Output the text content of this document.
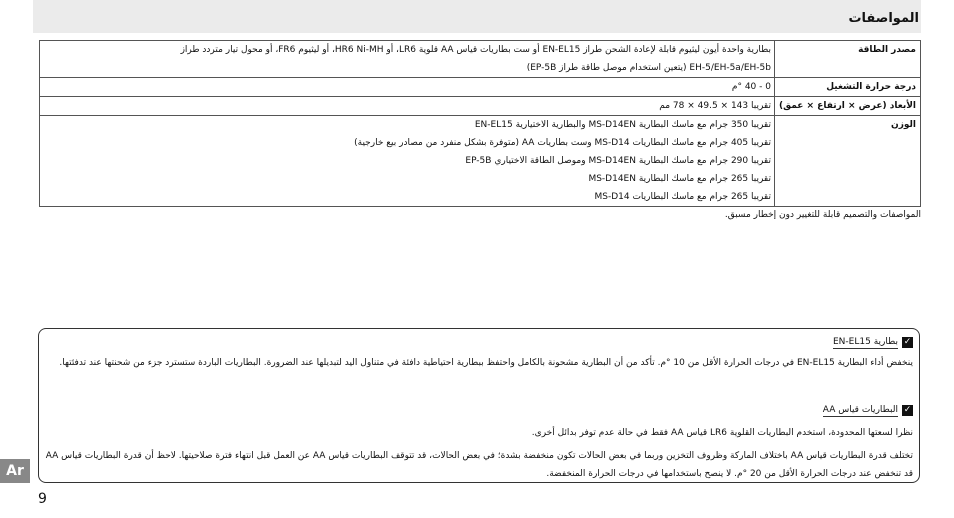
المواصفات
مصدر الطاقة	بطارية واحدة أيون ليثيوم قابلة لإعادة الشحن طراز EN-EL15 أو ست بطاريات قياس AA قلوية LR6، أو HR6 Ni-MH، أو ليثيوم FR6، أو محول تيار متردد طراز
EH-5/EH-5a/EH-5b (يتعين استخدام موصل طاقة طراز EP-5B)

درجة حرارة التشغيل	0 - 40 °م

الأبعاد (عرض × ارتفاع × عمق)	تقريبا 143 × 49.5 × 78 مم

الوزن	تقريبا 350 جرام مع ماسك البطارية MS-D14EN والبطارية الاختيارية EN-EL15
تقريبا 405 جرام مع ماسك البطاريات MS-D14 وست بطاريات AA (متوفرة بشكل منفرد من مصادر بيع خارجية)
تقريبا 290 جرام مع ماسك البطارية MS-D14EN وموصل الطاقة الاختياري EP-5B
تقريبا 265 جرام مع ماسك البطارية MS-D14EN
تقريبا 265 جرام مع ماسك البطاريات MS-D14
المواصفات والتصميم قابلة للتغيير دون إخطار مسبق.
✓
بطارية EN-EL15

ينخفض أداء البطارية EN-EL15 في درجات الحرارة الأقل من 10 °م. تأكد من أن البطارية مشحونة بالكامل واحتفظ ببطارية احتياطية دافئة في متناول اليد لتبديلها عند الضرورة. البطاريات الباردة ستسترد جزء من شحنتها عند تدفئتها.

✓
البطاريات قياس AA

نظرا لسعتها المحدودة، استخدم البطاريات القلوية LR6 قياس AA فقط في حالة عدم توفر بدائل أخرى.

تختلف قدرة البطاريات قياس AA باختلاف الماركة وظروف التخزين وربما في بعض الحالات تكون منخفضة بشدة؛ في بعض الحالات، قد تتوقف البطاريات قياس AA عن العمل قبل انتهاء فترة صلاحيتها. لاحظ أن قدرة البطاريات قياس AA قد تنخفض عند درجات الحرارة الأقل من 20 °م. لا ينصح باستخدامها في درجات الحرارة المنخفضة.

Ar
9
